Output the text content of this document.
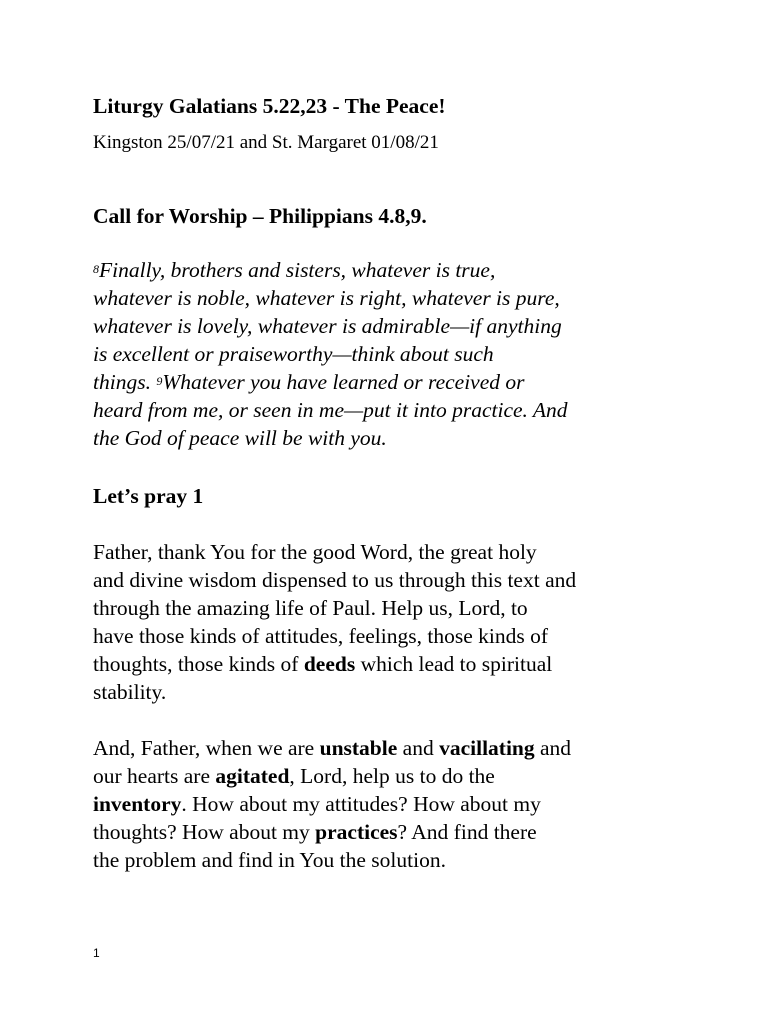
Liturgy Galatians 5.22,23 - The Peace!

Kingston 25/07/21 and St. Margaret 01/08/21

Call for Worship – Philippians 4.8,9.

$^8$Finally, brothers and sisters, whatever is true,
whatever is noble, whatever is right, whatever is pure,
whatever is lovely, whatever is admirable—if anything
is excellent or praiseworthy—think about such
things. $^9$Whatever you have learned or received or
heard from me, or seen in me—put it into practice. And
the God of peace will be with you.

Let’s pray 1

Father, thank You for the good Word, the great holy
and divine wisdom dispensed to us through this text and
through the amazing life of Paul. Help us, Lord, to
have those kinds of attitudes, feelings, those kinds of
thoughts, those kinds of deeds which lead to spiritual
stability.

And, Father, when we are unstable and vacillating and
our hearts are agitated, Lord, help us to do the
inventory. How about my attitudes? How about my
thoughts? How about my practices? And find there
the problem and find in You the solution.

1
